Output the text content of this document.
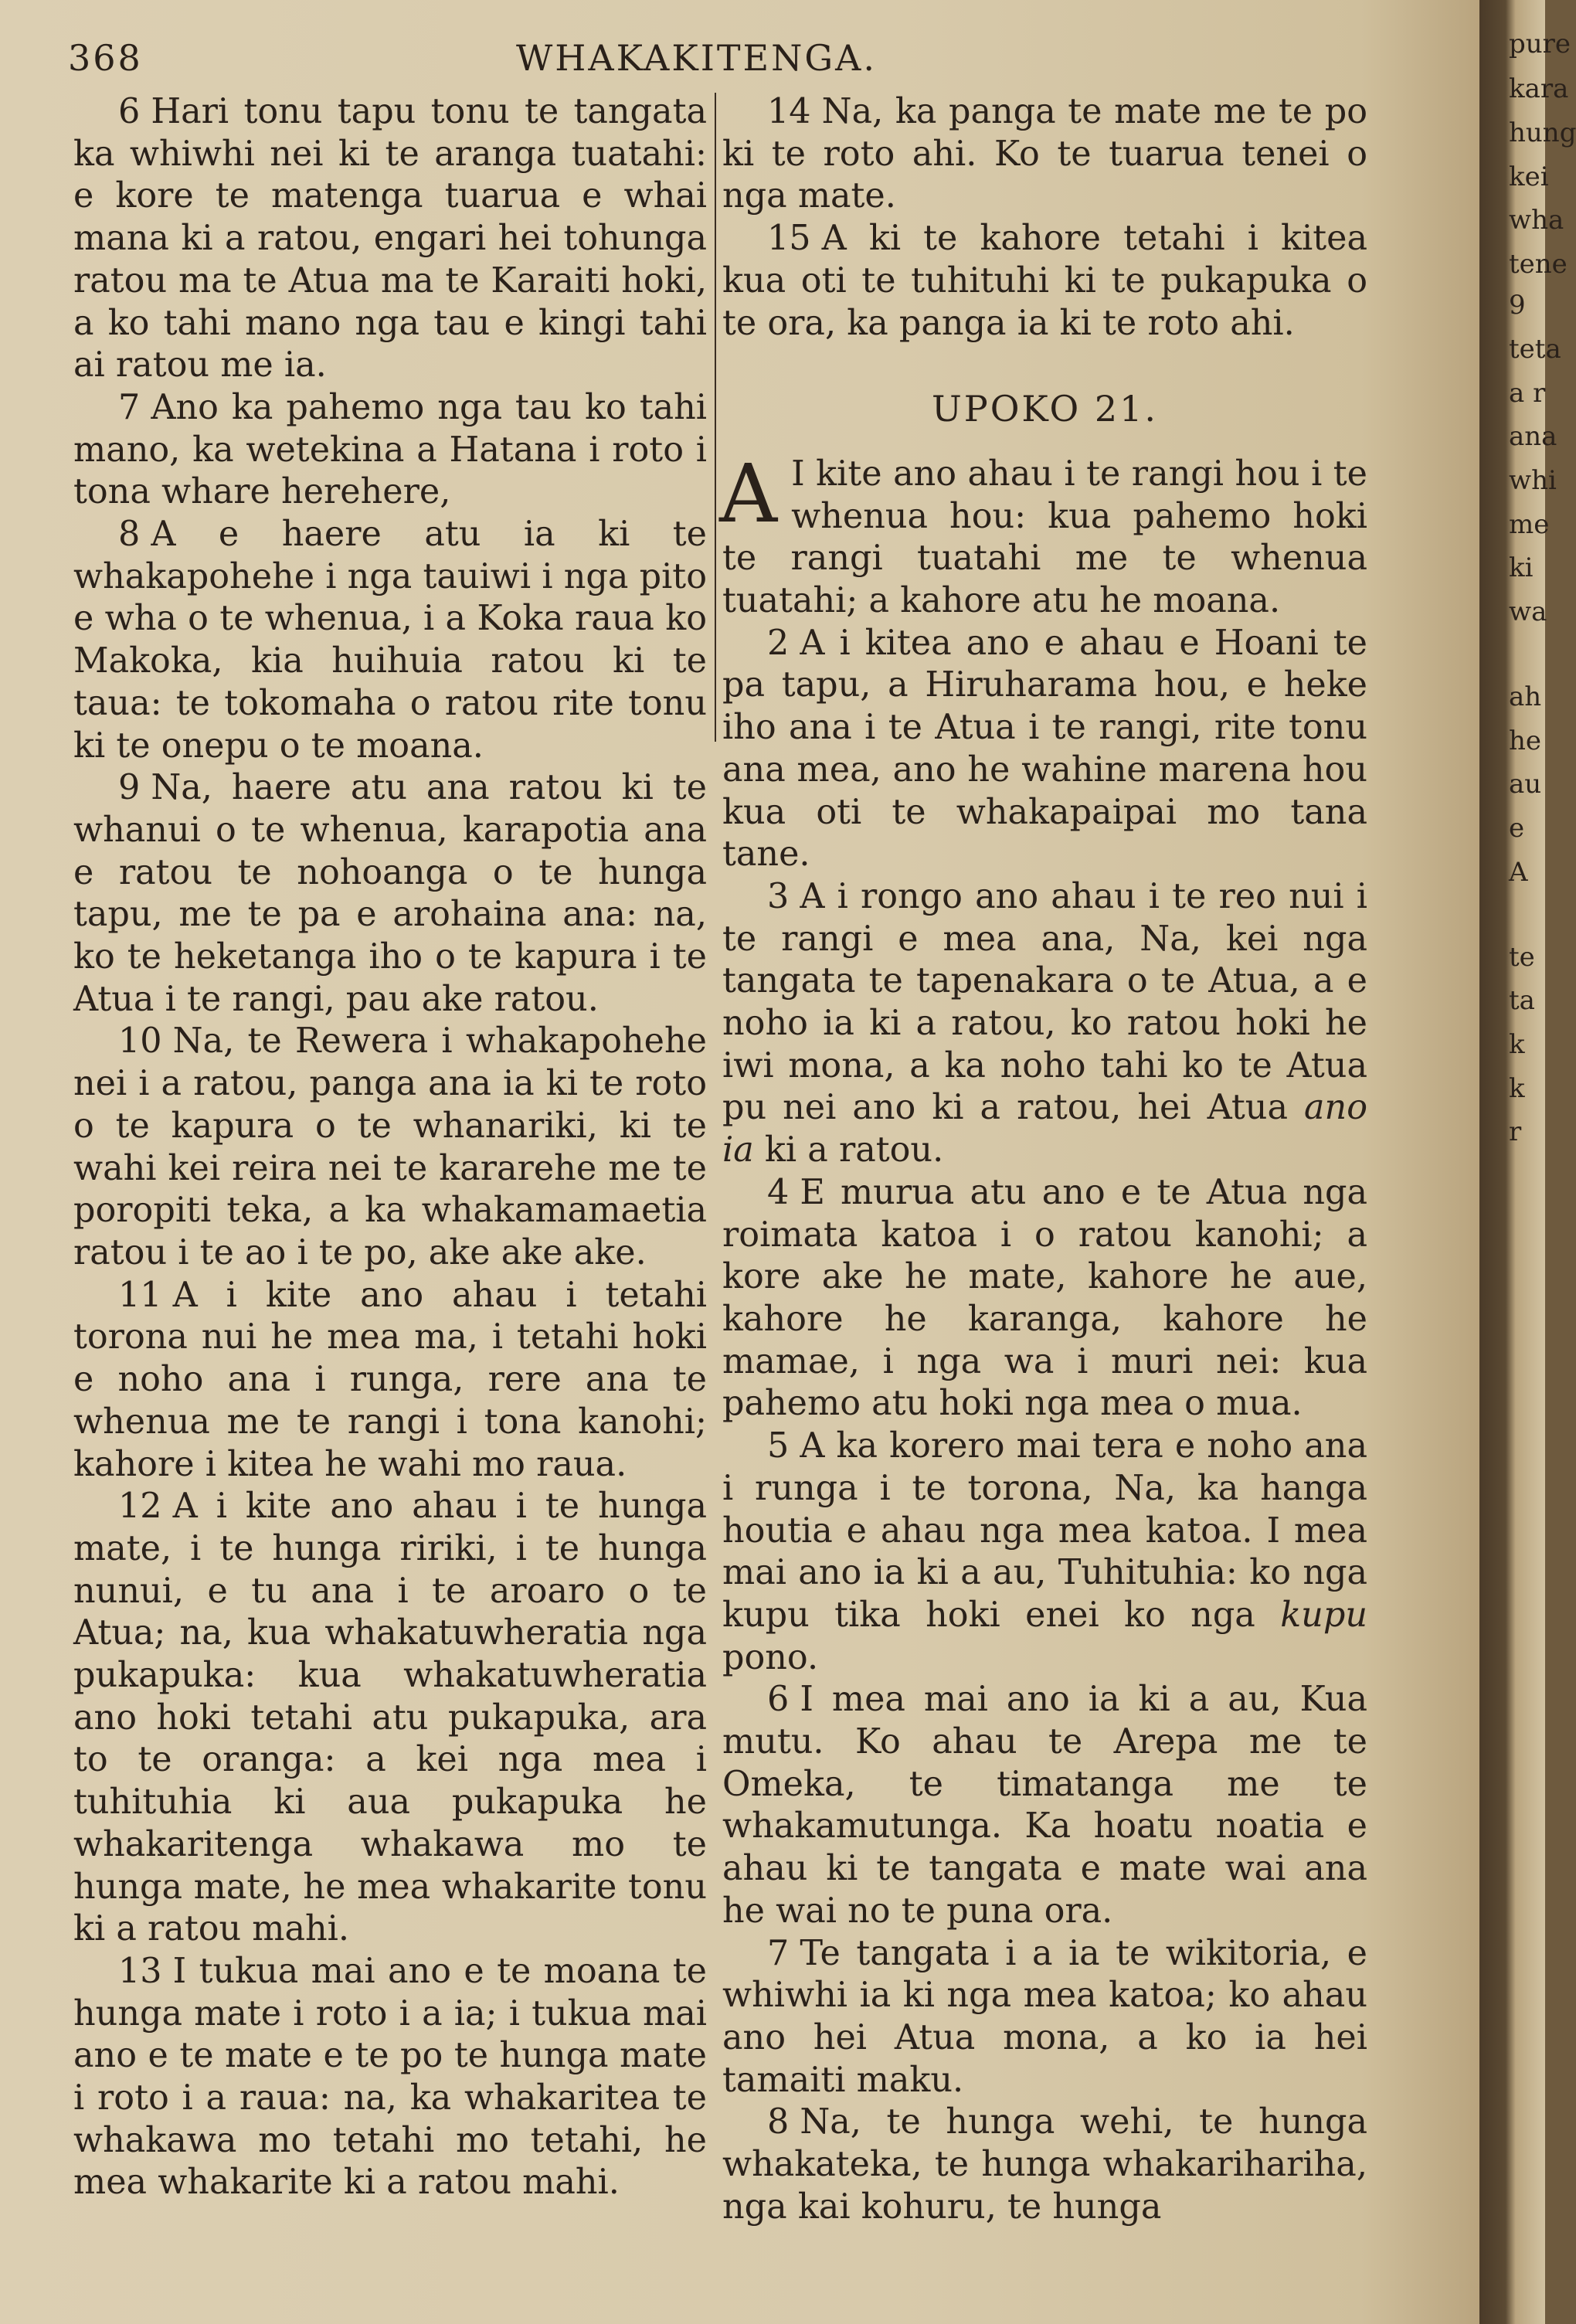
368	WHAKAKITENGA.

6 Hari tonu tapu tonu te tangata ka whiwhi nei ki te aranga tuatahi: e kore te matenga tuarua e whai mana ki a ratou, engari hei tohunga ratou ma te Atua ma te Karaiti hoki, a ko tahi mano nga tau e kingi tahi ai ratou me ia.

7 Ano ka pahemo nga tau ko tahi mano, ka wetekina a Hatana i roto i tona whare herehere,

8 A e haere atu ia ki te whakapohehe i nga tauiwi i nga pito e wha o te whenua, i a Koka raua ko Makoka, kia huihuia ratou ki te taua: te tokomaha o ratou rite tonu ki te onepu o te moana.

9 Na, haere atu ana ratou ki te whanui o te whenua, karapotia ana e ratou te nohoanga o te hunga tapu, me te pa e arohaina ana: na, ko te heketanga iho o te kapura i te Atua i te rangi, pau ake ratou.

10 Na, te Rewera i whakapohehe nei i a ratou, panga ana ia ki te roto o te kapura o te whanariki, ki te wahi kei reira nei te kararehe me te poropiti teka, a ka whakamamaetia ratou i te ao i te po, ake ake ake.

11 A i kite ano ahau i tetahi torona nui he mea ma, i tetahi hoki e noho ana i runga, rere ana te whenua me te rangi i tona kanohi; kahore i kitea he wahi mo raua.

12 A i kite ano ahau i te hunga mate, i te hunga ririki, i te hunga nunui, e tu ana i te aroaro o te Atua; na, kua whakatuwheratia nga pukapuka: kua whakatuwheratia ano hoki tetahi atu pukapuka, ara to te oranga: a kei nga mea i tuhituhia ki aua pukapuka he whakaritenga whakawa mo te hunga mate, he mea whakarite tonu ki a ratou mahi.

13 I tukua mai ano e te moana te hunga mate i roto i a ia; i tukua mai ano e te mate e te po te hunga mate i roto i a raua: na, ka whakaritea te whakawa mo tetahi mo tetahi, he mea whakarite ki a ratou mahi.

14 Na, ka panga te mate me te po ki te roto ahi. Ko te tuarua tenei o nga mate.

15 A ki te kahore tetahi i kitea kua oti te tuhituhi ki te pukapuka o te ora, ka panga ia ki te roto ahi.

UPOKO 21.

A I kite ano ahau i te rangi hou i te whenua hou: kua pahemo hoki te rangi tuatahi me te whenua tuatahi; a kahore atu he moana.

2 A i kitea ano e ahau e Hoani te pa tapu, a Hiruharama hou, e heke iho ana i te Atua i te rangi, rite tonu ana mea, ano he wahine marena hou kua oti te whakapaipai mo tana tane.

3 A i rongo ano ahau i te reo nui i te rangi e mea ana, Na, kei nga tangata te tapenakara o te Atua, a e noho ia ki a ratou, ko ratou hoki he iwi mona, a ka noho tahi ko te Atua pu nei ano ki a ratou, hei Atua ano ia ki a ratou.

4 E murua atu ano e te Atua nga roimata katoa i o ratou kanohi; a kore ake he mate, kahore he aue, kahore he karanga, kahore he mamae, i nga wa i muri nei: kua pahemo atu hoki nga mea o mua.

5 A ka korero mai tera e noho ana i runga i te torona, Na, ka hanga houtia e ahau nga mea katoa. I mea mai ano ia ki a au, Tuhituhia: ko nga kupu tika hoki enei ko nga kupu pono.

6 I mea mai ano ia ki a au, Kua mutu. Ko ahau te Arepa me te Omeka, te timatanga me te whakamutunga. Ka hoatu noatia e ahau ki te tangata e mate wai ana he wai no te puna ora.

7 Te tangata i a ia te wikitoria, e whiwhi ia ki nga mea katoa; ko ahau ano hei Atua mona, a ko ia hei tamaiti maku.

8 Na, te hunga wehi, te hunga whakateka, te hunga whakarihariha, nga kai kohuru, te hunga

pure
kara
hung
kei
wha
tene
9
teta
a r
ana
whi
me
ki
wa
ah
he
au
e
A
te
ta
k
k
r
